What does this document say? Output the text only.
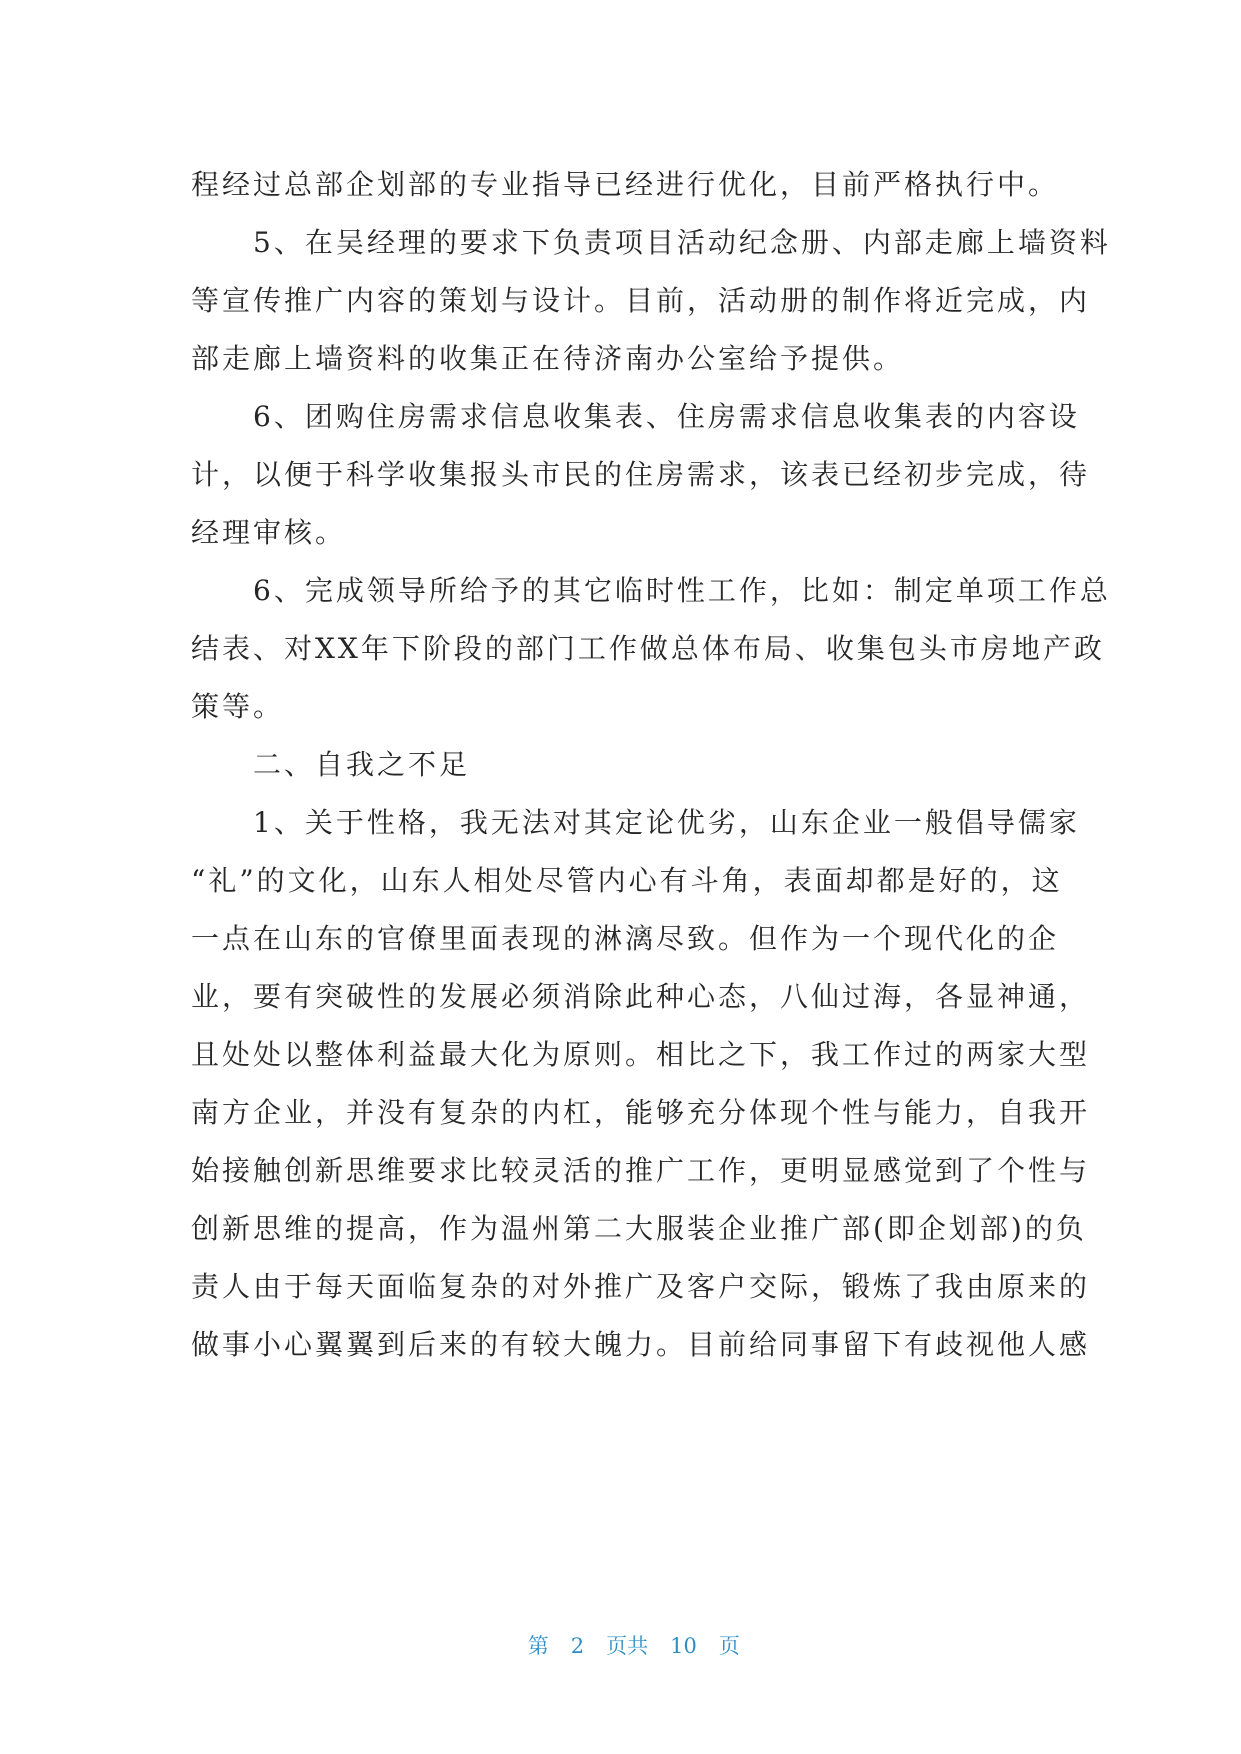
程经过总部企划部的专业指导已经进行优化，目前严格执行中。
　　5、在吴经理的要求下负责项目活动纪念册、内部走廊上墙资料
等宣传推广内容的策划与设计。目前，活动册的制作将近完成，内
部走廊上墙资料的收集正在待济南办公室给予提供。
　　6、团购住房需求信息收集表、住房需求信息收集表的内容设
计，以便于科学收集报头市民的住房需求，该表已经初步完成，待
经理审核。
　　6、完成领导所给予的其它临时性工作，比如：制定单项工作总
结表、对XX年下阶段的部门工作做总体布局、收集包头市房地产政
策等。
　　二、自我之不足
　　1、关于性格，我无法对其定论优劣，山东企业一般倡导儒家
“礼”的文化，山东人相处尽管内心有斗角，表面却都是好的，这
一点在山东的官僚里面表现的淋漓尽致。但作为一个现代化的企
业，要有突破性的发展必须消除此种心态，八仙过海，各显神通，
且处处以整体利益最大化为原则。相比之下，我工作过的两家大型
南方企业，并没有复杂的内杠，能够充分体现个性与能力，自我开
始接触创新思维要求比较灵活的推广工作，更明显感觉到了个性与
创新思维的提高，作为温州第二大服装企业推广部(即企划部)的负
责人由于每天面临复杂的对外推广及客户交际，锻炼了我由原来的
做事小心翼翼到后来的有较大魄力。目前给同事留下有歧视他人感

第 2 页共 10 页
